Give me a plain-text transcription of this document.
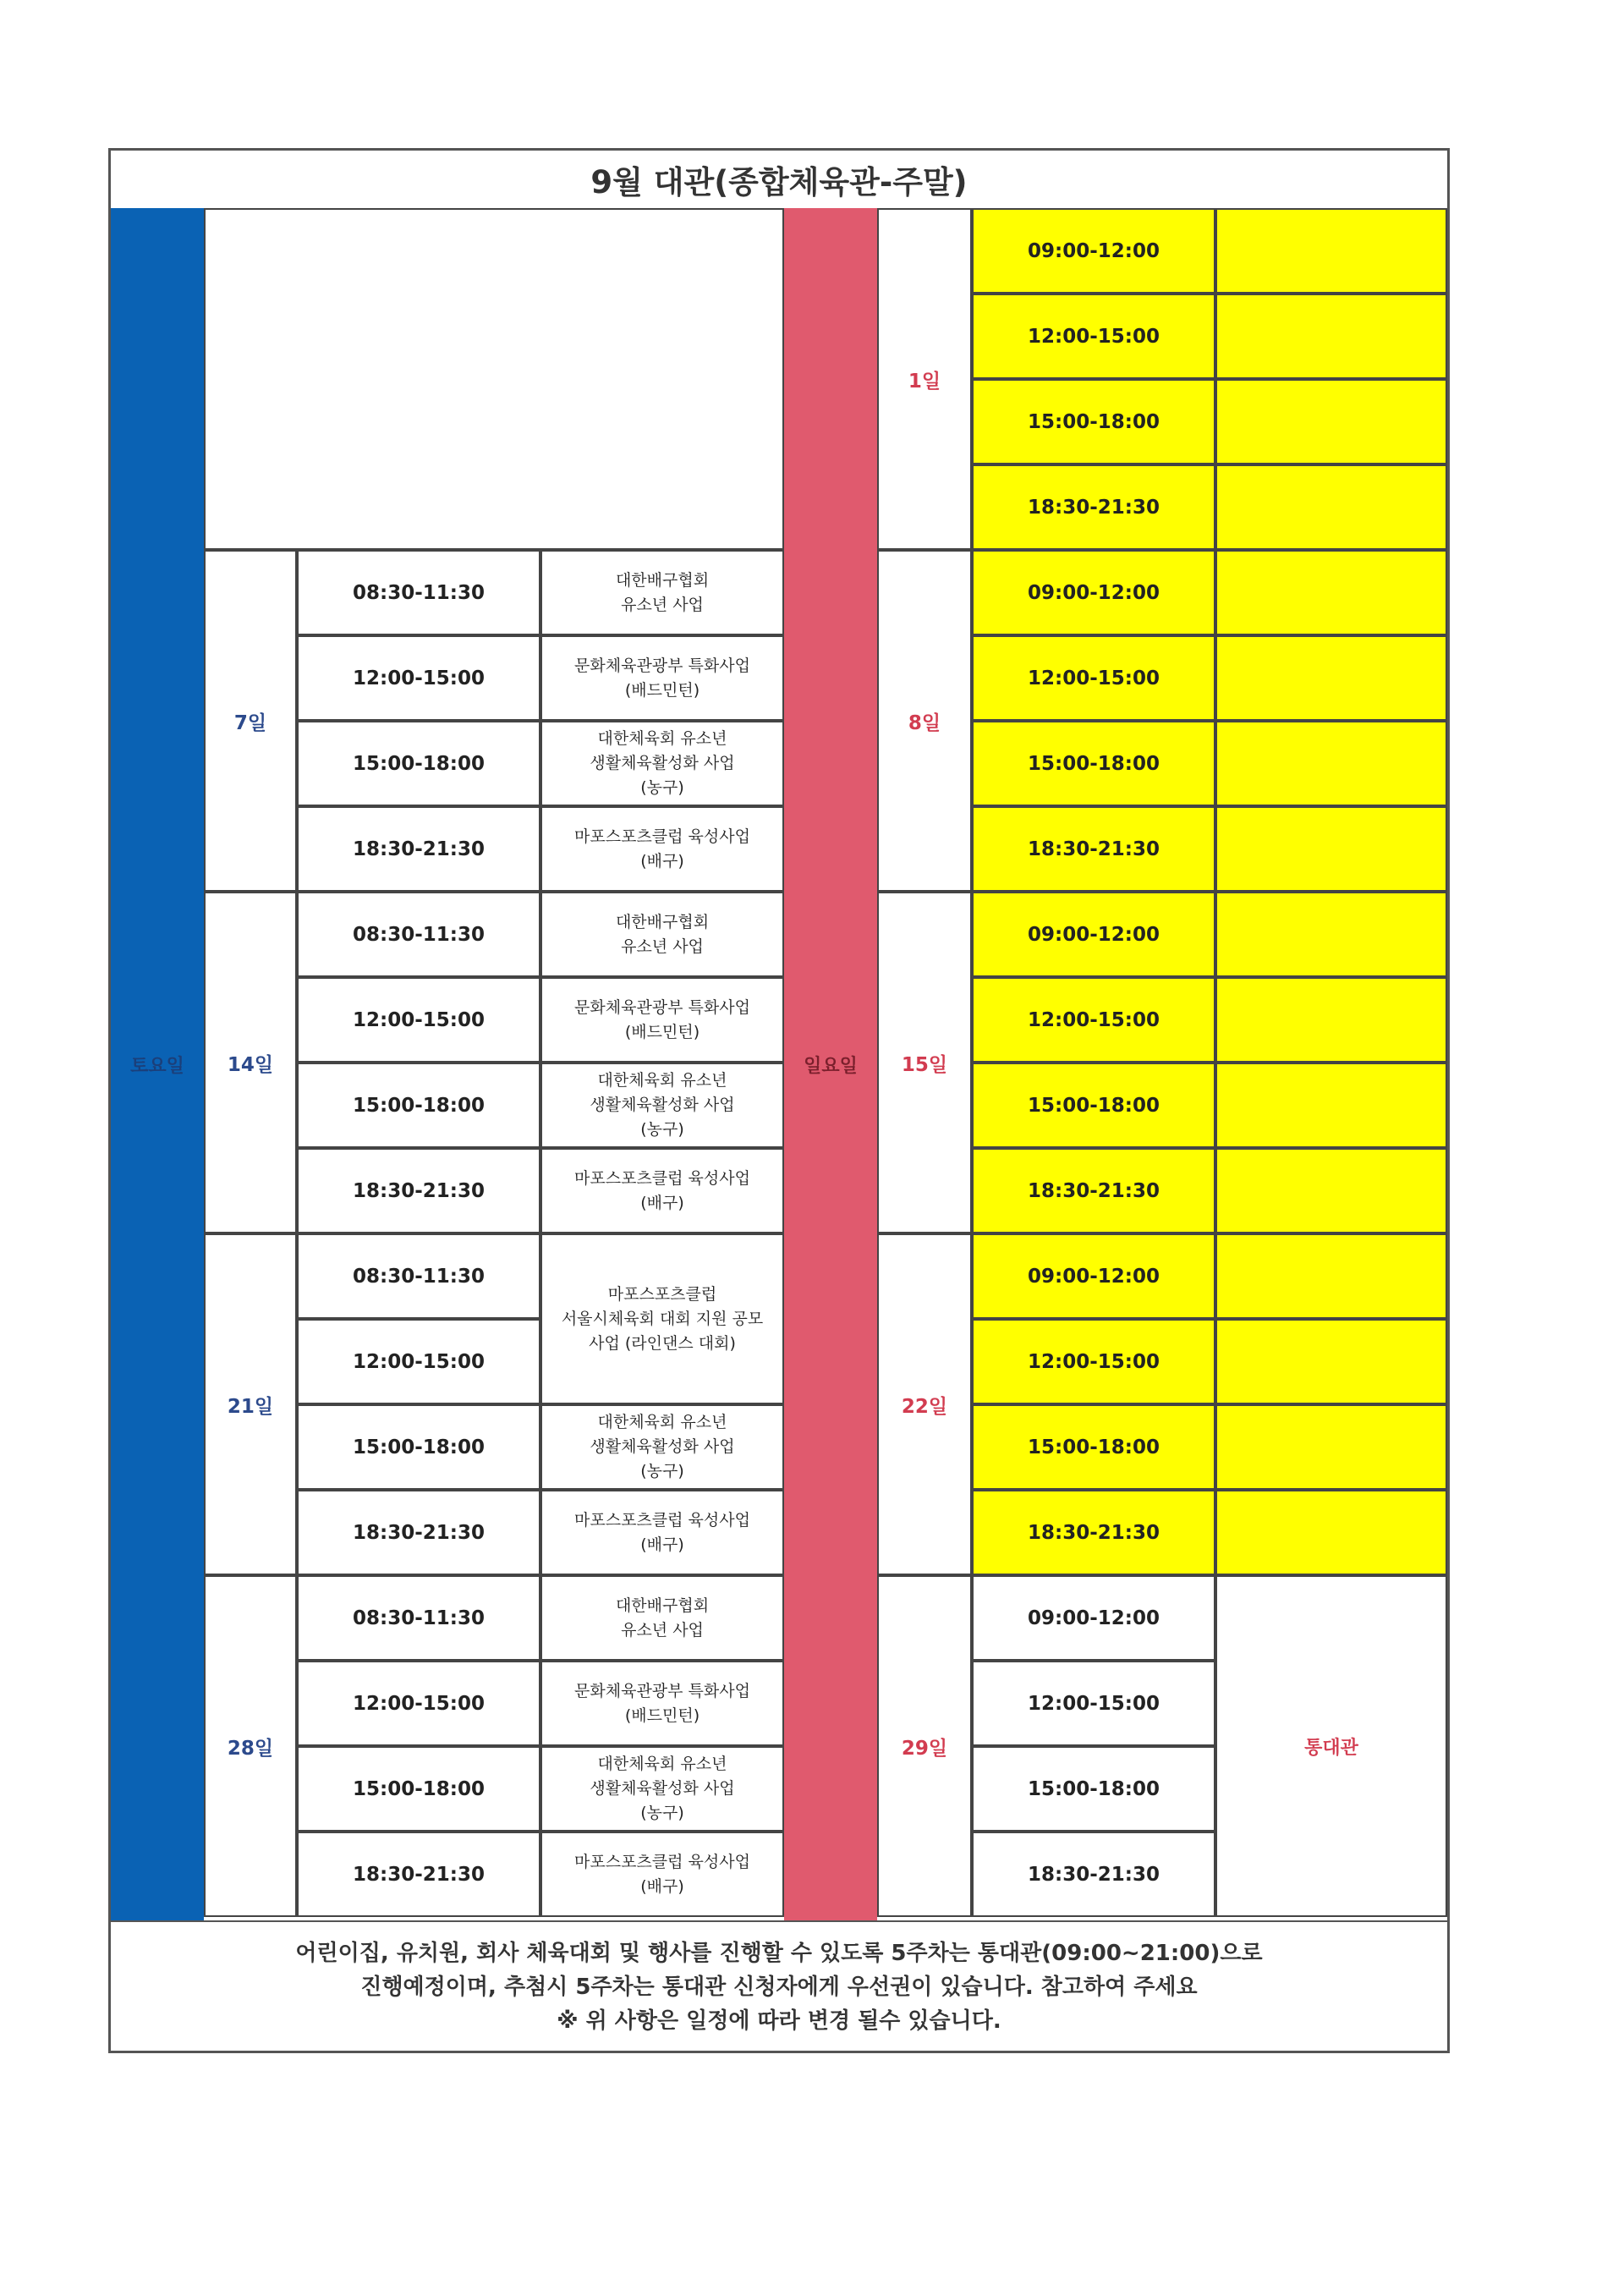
9월 대관(종합체육관-주말)
토요일
7일
08:30-11:30
대한배구협회
유소년 사업
12:00-15:00
문화체육관광부 특화사업
(배드민턴)
15:00-18:00
대한체육회 유소년
생활체육활성화 사업
(농구)
18:30-21:30
마포스포츠클럽 육성사업
(배구)
14일
08:30-11:30
대한배구협회
유소년 사업
12:00-15:00
문화체육관광부 특화사업
(배드민턴)
15:00-18:00
대한체육회 유소년
생활체육활성화 사업
(농구)
18:30-21:30
마포스포츠클럽 육성사업
(배구)
21일
08:30-11:30
마포스포츠클럽
서울시체육회 대회 지원 공모
사업 (라인댄스 대회)
12:00-15:00
15:00-18:00
대한체육회 유소년
생활체육활성화 사업
(농구)
18:30-21:30
마포스포츠클럽 육성사업
(배구)
28일
08:30-11:30
대한배구협회
유소년 사업
12:00-15:00
문화체육관광부 특화사업
(배드민턴)
15:00-18:00
대한체육회 유소년
생활체육활성화 사업
(농구)
18:30-21:30
마포스포츠클럽 육성사업
(배구)
일요일
1일
09:00-12:00
12:00-15:00
15:00-18:00
18:30-21:30
8일
09:00-12:00
12:00-15:00
15:00-18:00
18:30-21:30
15일
09:00-12:00
12:00-15:00
15:00-18:00
18:30-21:30
22일
09:00-12:00
12:00-15:00
15:00-18:00
18:30-21:30
29일
09:00-12:00
12:00-15:00
15:00-18:00
18:30-21:30
통대관
어린이집, 유치원, 회사 체육대회 및 행사를 진행할 수 있도록 5주차는 통대관(09:00~21:00)으로
진행예정이며, 추첨시 5주차는 통대관 신청자에게 우선권이 있습니다. 참고하여 주세요
※ 위 사항은 일정에 따라 변경 될수 있습니다.
